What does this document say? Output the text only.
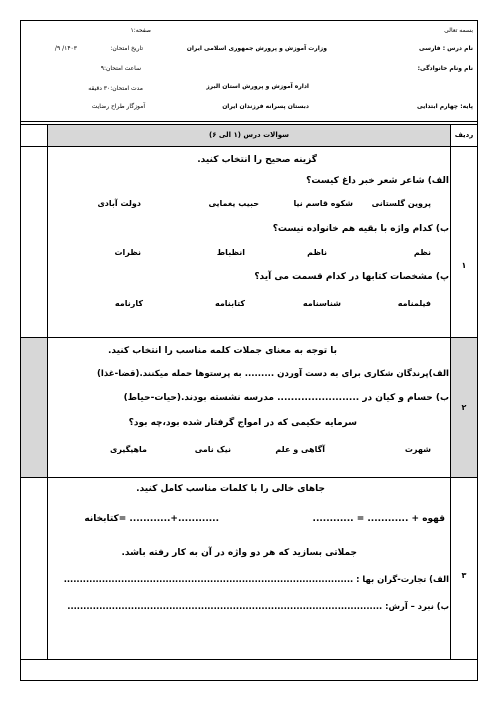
بسمه تعالی
صفحه:۱
نام درس : فارسی
وزارت آموزش و پرورش جمهوری اسلامی ایران
تاریخ امتحان:
۱۴۰۳/ ۹/
نام ونام خانوادگی:
ساعت امتحان:۹
اداره آموزش و پرورش استان البرز
مدت امتحان:۳۰ دقیقه
پایه: چهارم ابتدایی
دبستان پسرانه فرزندان ایران
آموزگار طراح رضایت
ردیف
سوالات درس (۱ الی ۶)
۱
گزینه صحیح را انتخاب کنید.
الف) شاعر شعر خبر داغ کیست؟
پروین گلستانی
شکوه قاسم نیا
حبیب یغمایی
دولت آبادی
ب) کدام واژه با بقیه هم خانواده نیست؟
نظم
ناظم
انظباط
نظرات
پ) مشخصات کتابها در کدام قسمت می آید؟
فیلمنامه
شناسنامه
کتابنامه
کارنامه
۲
با توجه به معنای جملات کلمه مناسب را انتخاب کنید.
الف)پرندگان شکاری برای به دست آوردن ......... به پرستوها حمله میکنند.(قضا-غذا)
ب) حسام و کیان در ........................ مدرسه نشسته بودند.(حیات-حیاط)
سرمایه حکیمی که در امواج گرفتار شده بود،چه بود؟
شهرت
آگاهی و علم
نیک نامی
ماهیگیری
۳
جاهای خالی را با کلمات مناسب کامل کنید.
قهوه + ............ = ............
............+............ =کتابخانه
جملاتی بسازید که هر دو واژه در آن به کار رفته باشد.
الف) تجارت-گران بها : ...........................................................................................
ب) نبرد – آرش: ...................................................................................................
